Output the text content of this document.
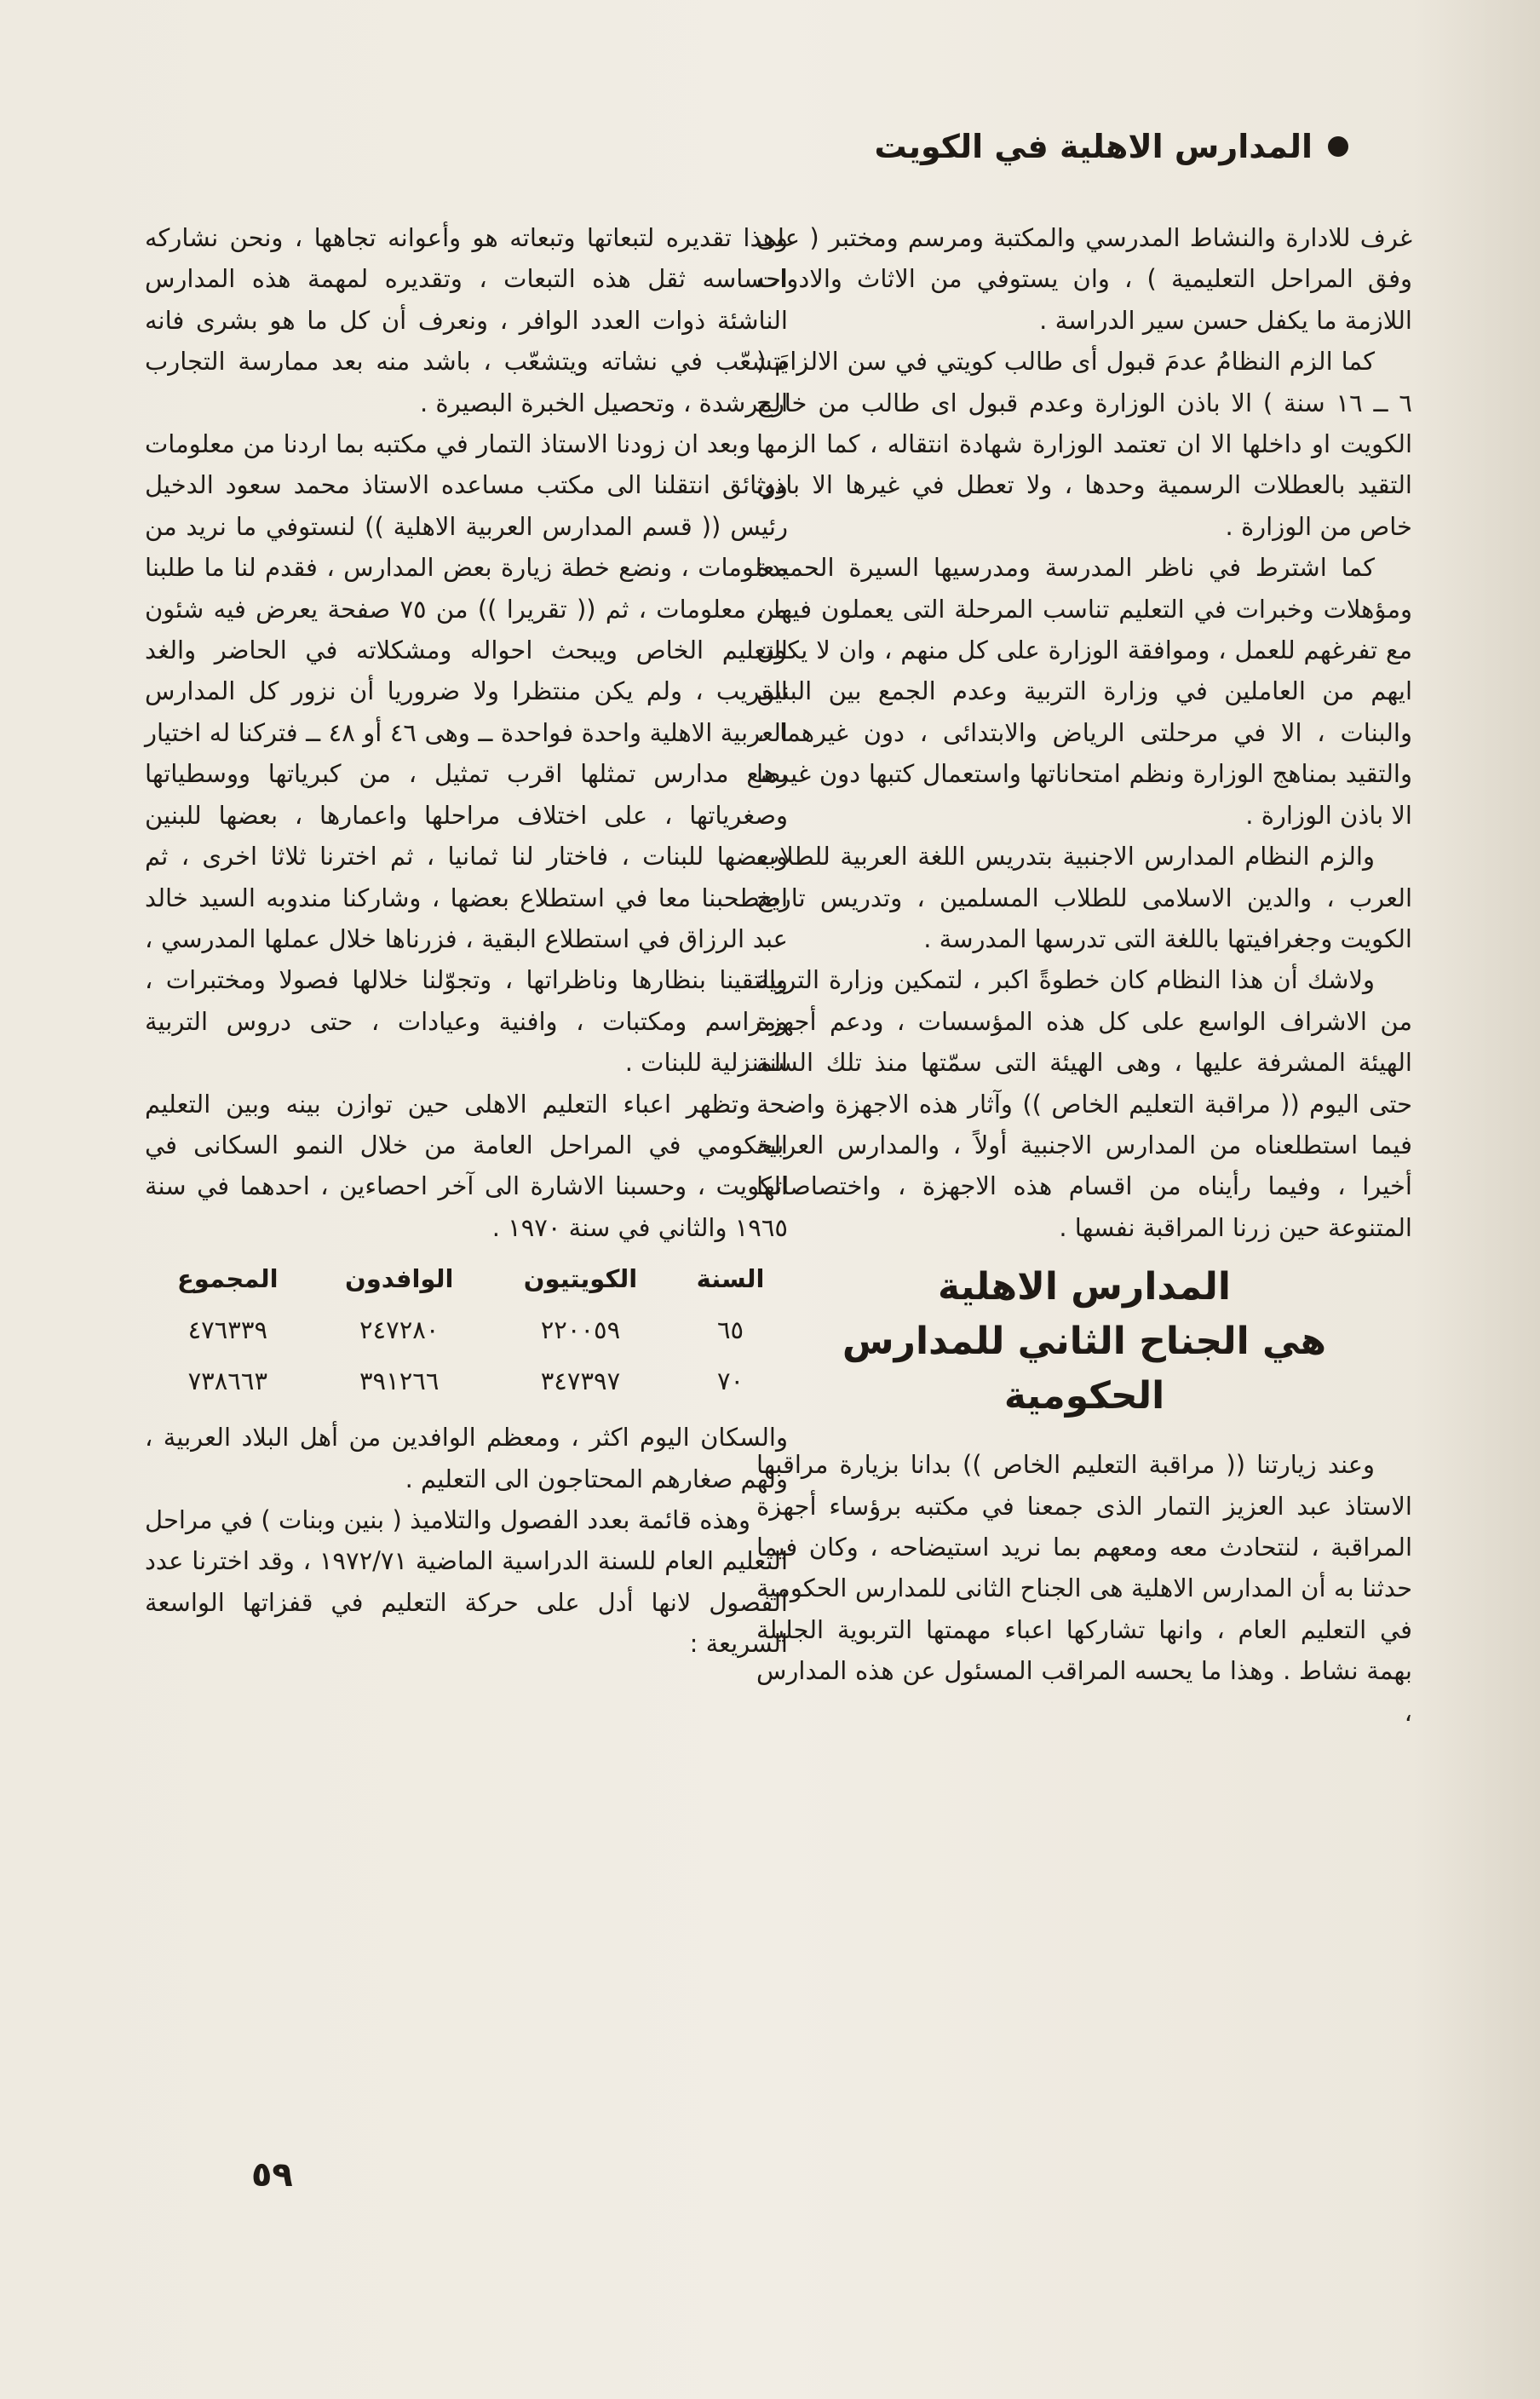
المدارس الاهلية في الكويت

غرف للادارة والنشاط المدرسي والمكتبة ومرسم ومختبر ( على وفق المراحل التعليمية ) ، وان يستوفي من الاثاث والادوات اللازمة ما يكفل حسن سير الدراسة .

كما الزم النظامُ عدمَ قبول أى طالب كويتي في سن الالزام ( ٦ ــ ١٦ سنة ) الا باذن الوزارة وعدم قبول اى طالب من خارج الكويت او داخلها الا ان تعتمد الوزارة شهادة انتقاله ، كما الزمها التقيد بالعطلات الرسمية وحدها ، ولا تعطل في غيرها الا باذن خاص من الوزارة .

كما اشترط في ناظر المدرسة ومدرسيها السيرة الحميدة ومؤهلات وخبرات في التعليم تناسب المرحلة التى يعملون فيها ، مع تفرغهم للعمل ، وموافقة الوزارة على كل منهم ، وان لا يكون ايهم من العاملين في وزارة التربية وعدم الجمع بين البنين والبنات ، الا في مرحلتى الرياض والابتدائى ، دون غيرهما ، والتقيد بمناهج الوزارة ونظم امتحاناتها واستعمال كتبها دون غيرها الا باذن الوزارة .

والزم النظام المدارس الاجنبية بتدريس اللغة العربية للطلاب العرب ، والدين الاسلامى للطلاب المسلمين ، وتدريس تاريخ الكويت وجغرافيتها باللغة التى تدرسها المدرسة .

ولاشك أن هذا النظام كان خطوةً اكبر ، لتمكين وزارة التربية من الاشراف الواسع على كل هذه المؤسسات ، ودعم أجهزة الهيئة المشرفة عليها ، وهى الهيئة التى سمّتها منذ تلك السنة حتى اليوم (( مراقبة التعليم الخاص )) وآثار هذه الاجهزة واضحة فيما استطلعناه من المدارس الاجنبية أولاً ، والمدارس العربية أخيرا ، وفيما رأيناه من اقسام هذه الاجهزة ، واختصاصاتها المتنوعة حين زرنا المراقبة نفسها .

المدارس الاهلية
هي الجناح الثاني للمدارس الحكومية

وعند زيارتنا (( مراقبة التعليم الخاص )) بدانا بزيارة مراقبها الاستاذ عبد العزيز التمار الذى جمعنا في مكتبه برؤساء أجهزة المراقبة ، لنتحادث معه ومعهم بما نريد استيضاحه ، وكان فيما حدثنا به أن المدارس الاهلية هى الجناح الثانى للمدارس الحكومية في التعليم العام ، وانها تشاركها اعباء مهمتها التربوية الجليلة بهمة نشاط . وهذا ما يحسه المراقب المسئول عن هذه المدارس ،

وهذا تقديره لتبعاتها وتبعاته هو وأعوانه تجاهها ، ونحن نشاركه احساسه ثقل هذه التبعات ، وتقديره لمهمة هذه المدارس الناشئة ذوات العدد الوافر ، ونعرف أن كل ما هو بشرى فانه يَتشعّب في نشاته ويتشعّب ، باشد منه بعد ممارسة التجارب المرشدة ، وتحصيل الخبرة البصيرة .

وبعد ان زودنا الاستاذ التمار في مكتبه بما اردنا من معلومات ووثائق انتقلنا الى مكتب مساعده الاستاذ محمد سعود الدخيل رئيس (( قسم المدارس العربية الاهلية )) لنستوفي ما نريد من معلومات ، ونضع خطة زيارة بعض المدارس ، فقدم لنا ما طلبنا من معلومات ، ثم (( تقريرا )) من ٧٥ صفحة يعرض فيه شئون التعليم الخاص ويبحث احواله ومشكلاته في الحاضر والغد القريب ، ولم يكن منتظرا ولا ضروريا أن نزور كل المدارس العربية الاهلية واحدة فواحدة ــ وهى ٤٦ أو ٤٨ ــ فتركنا له اختيار بضع مدارس تمثلها اقرب تمثيل ، من كبرياتها ووسطياتها وصغرياتها ، على اختلاف مراحلها واعمارها ، بعضها للبنين وبعضها للبنات ، فاختار لنا ثمانيا ، ثم اخترنا ثلاثا اخرى ، ثم اصطحبنا معا في استطلاع بعضها ، وشاركنا مندوبه السيد خالد عبد الرزاق في استطلاع البقية ، فزرناها خلال عملها المدرسي ، والتقينا بنظارها وناظراتها ، وتجوّلنا خلالها فصولا ومختبرات ، ومراسم ومكتبات ، وافنية وعيادات ، حتى دروس التربية المنزلية للبنات .

وتظهر اعباء التعليم الاهلى حين توازن بينه وبين التعليم الحكومي في المراحل العامة من خلال النمو السكانى في الكويت ، وحسبنا الاشارة الى آخر احصاءين ، احدهما في سنة ١٩٦٥ والثاني في سنة ١٩٧٠ .

السنة	الكويتيون	الوافدون	المجموع
٦٥	٢٢٠٠٥٩	٢٤٧٢٨٠	٤٧٦٣٣٩
٧٠	٣٤٧٣٩٧	٣٩١٢٦٦	٧٣٨٦٦٣

والسكان اليوم اكثر ، ومعظم الوافدين من أهل البلاد العربية ، ولهم صغارهم المحتاجون الى التعليم .

وهذه قائمة بعدد الفصول والتلاميذ ( بنين وبنات ) في مراحل التعليم العام للسنة الدراسية الماضية ١٩٧٢/٧١ ، وقد اخترنا عدد الفصول لانها أدل على حركة التعليم في قفزاتها الواسعة السريعة :

٥٩
